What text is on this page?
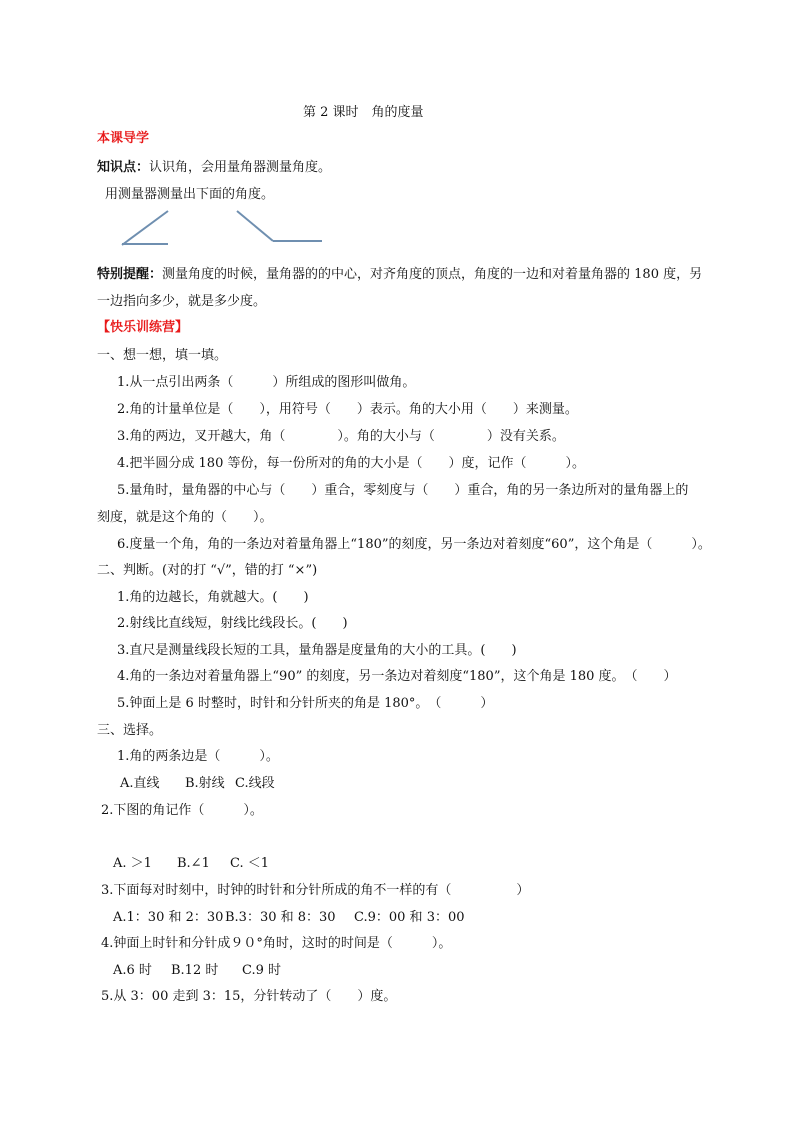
第 2 课时　角的度量
本课导学
知识点：认识角，会用量角器测量角度。
用测量器测量出下面的角度。
特别提醒：测量角度的时候，量角器的的中心，对齐角度的顶点，角度的一边和对着量角器的 180 度，另
一边指向多少，就是多少度。
【快乐训练营】
一、想一想，填一填。
1.从一点引出两条（　　　）所组成的图形叫做角。
2.角的计量单位是（　　），用符号（　　）表示。角的大小用（　　）来测量。
3.角的两边，叉开越大，角（　　　　）。角的大小与（　　　　）没有关系。
4.把半圆分成 180 等份，每一份所对的角的大小是（　　）度，记作（　　　）。
5.量角时，量角器的中心与（　　）重合，零刻度与（　　）重合，角的另一条边所对的量角器上的
刻度，就是这个角的（　　）。
6.度量一个角，角的一条边对着量角器上“180”的刻度，另一条边对着刻度“60”，这个角是（　　　）。
二、判断。(对的打 “√”，错的打 “×”)
1.角的边越长，角就越大。(　　)
2.射线比直线短，射线比线段长。(　　)
3.直尺是测量线段长短的工具，量角器是度量角的大小的工具。(　　)
4.角的一条边对着量角器上“90” 的刻度，另一条边对着刻度“180”，这个角是 180 度。　（　　）
5.钟面上是 6 时整时，时针和分针所夹的角是 180°。　（　　　）
三、选择。
1.角的两条边是（　　　）。
A.直线 B.射线 C.线段
2.下图的角记作（　　　）。
A. ＞1 B.∠1 C. ＜1
3.下面每对时刻中，时钟的时针和分针所成的角不一样的有（　　　　　）
A.1：30 和 2：30 B.3：30 和 8：30 C.9：00 和 3：00
4.钟面上时针和分针成９０°角时，这时的时间是（　　　）。
A.6 时 B.12 时 C.9 时
5.从 3：00 走到 3：15，分针转动了（　　）度。
